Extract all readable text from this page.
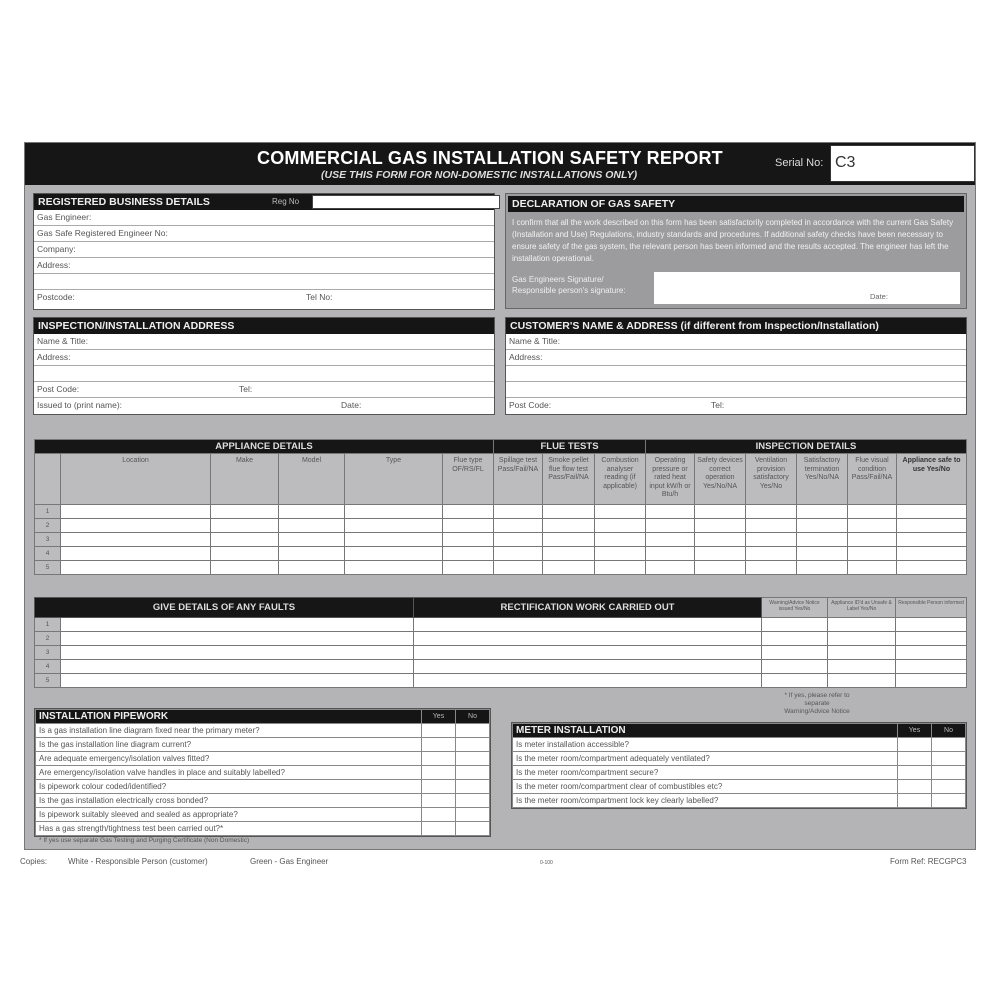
COMMERCIAL GAS INSTALLATION SAFETY REPORT
(USE THIS FORM FOR NON-DOMESTIC INSTALLATIONS ONLY)
Serial No: C3
REGISTERED BUSINESS DETAILS	Reg No
Gas Engineer:
Gas Safe Registered Engineer No:
Company:
Address:
Postcode:	Tel No:
DECLARATION OF GAS SAFETY
I confirm that all the work described on this form has been satisfactorily completed in accordance with the current Gas Safety (Installation and Use) Regulations, industry standards and procedures. If additional safety checks have been necessary to ensure safety of the gas system, the relevant person has been informed and the results accepted. The engineer has left the installation operational.
Gas Engineers Signature/
Responsible person's signature:
Date:
INSPECTION/INSTALLATION ADDRESS
Name & Title:
Address:
Post Code:	Tel:
Issued to (print name):	Date:
CUSTOMER'S NAME & ADDRESS (if different from Inspection/Installation)
Name & Title:
Address:
Post Code:	Tel:
APPLIANCE DETAILS						FLUE TESTS			INSPECTION DETAILS					
	Location	Make	Model	Type	Flue type OF/RS/FL	Spillage test Pass/Fail/NA	Smoke pellet flue flow test Pass/Fail/NA	Combustion analyser reading (if applicable)	Operating pressure or rated heat input kW/h or Btu/h	Safety devices correct operation Yes/No/NA	Ventilation provision satisfactory Yes/No	Satisfactory termination Yes/No/NA	Flue visual condition Pass/Fail/NA	Appliance safe to use Yes/No
1														
2														
3														
4														
5														
GIVE DETAILS OF ANY FAULTS		RECTIFICATION WORK CARRIED OUT	Warning/Advice Notice issued Yes/No	Appliance ID'd as Unsafe & Label Yes/No	Responsible Person informed
1					
2					
3					
4					
5					
* If yes, please refer to separate
Warning/Advice Notice
INSTALLATION PIPEWORK	Yes	No
Is a gas installation line diagram fixed near the primary meter?		
Is the gas installation line diagram current?		
Are adequate emergency/isolation valves fitted?		
Are emergency/isolation valve handles in place and suitably labelled?		
Is pipework colour coded/identified?		
Is the gas installation electrically cross bonded?		
Is pipework suitably sleeved and sealed as appropriate?		
Has a gas strength/tightness test been carried out?*		
* If yes use separate Gas Testing and Purging Certificate (Non Domestic)
METER INSTALLATION	Yes	No
Is meter installation accessible?		
Is the meter room/compartment adequately ventilated?		
Is the meter room/compartment secure?		
Is the meter room/compartment clear of combustibles etc?		
Is the meter room/compartment lock key clearly labelled?		
Copies:	White - Responsible Person (customer)	Green - Gas Engineer	0-100	Form Ref: RECGPC3
